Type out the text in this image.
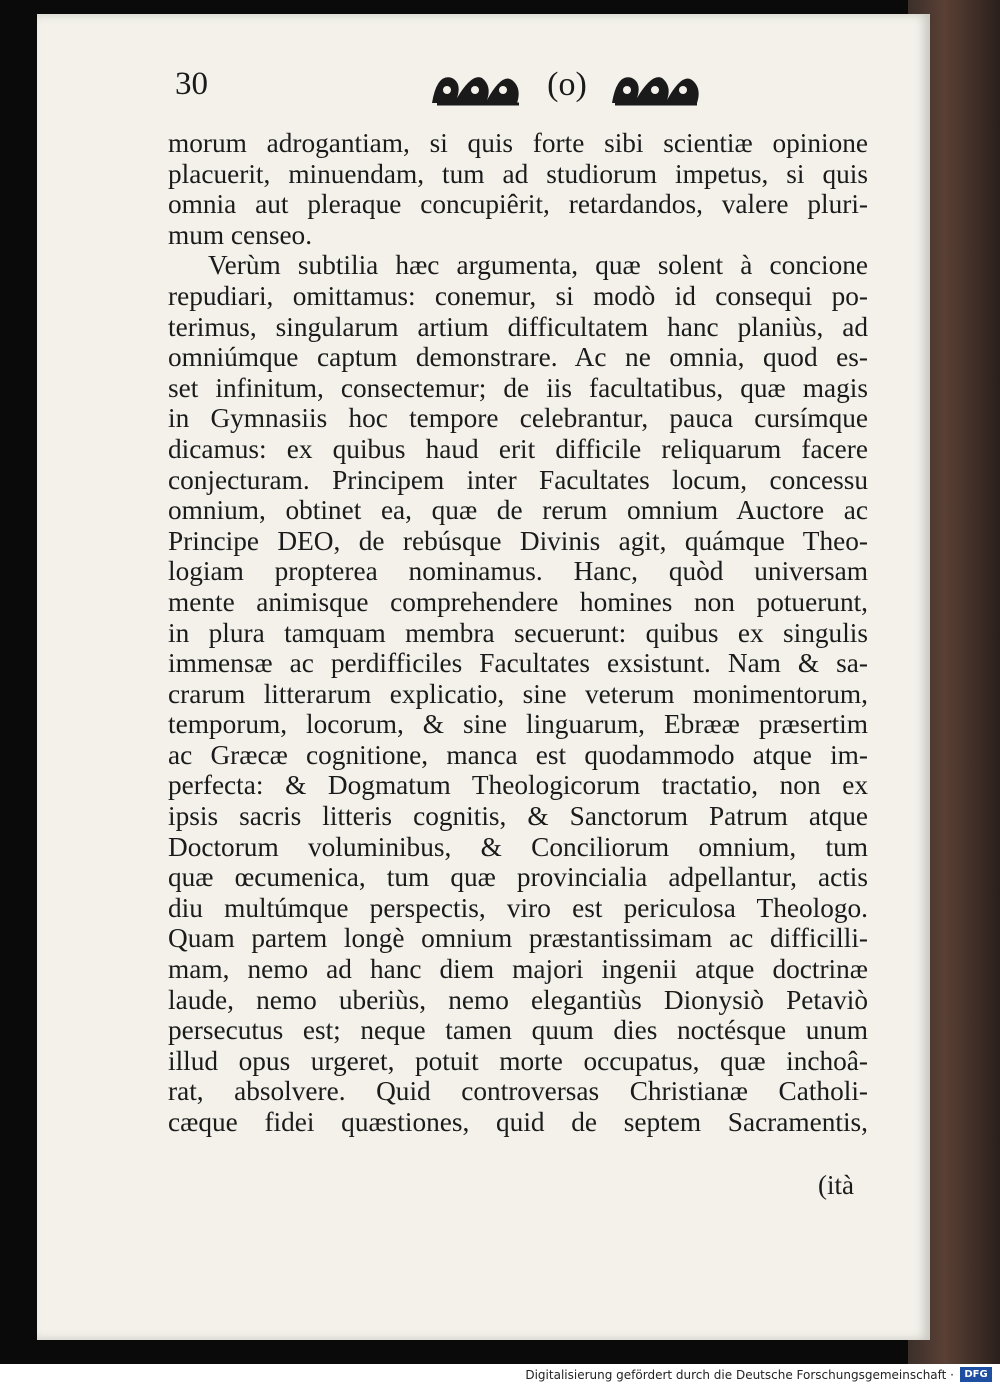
30	(o)
morum adrogantiam, si quis forte sibi scientiæ opinione
placuerit, minuendam, tum ad studiorum impetus, si quis
omnia aut pleraque concupiêrit, retardandos, valere pluri-
mum censeo.
Verùm subtilia hæc argumenta, quæ solent à concione
repudiari, omittamus: conemur, si modò id consequi po-
terimus, singularum artium difficultatem hanc planiùs, ad
omniúmque captum demonstrare. Ac ne omnia, quod es-
set infinitum, consectemur; de iis facultatibus, quæ magis
in Gymnasiis hoc tempore celebrantur, pauca cursímque
dicamus: ex quibus haud erit difficile reliquarum facere
conjecturam. Principem inter Facultates locum, concessu
omnium, obtinet ea, quæ de rerum omnium Auctore ac
Principe DEO, de rebúsque Divinis agit, quámque Theo-
logiam propterea nominamus. Hanc, quòd universam
mente animisque comprehendere homines non potuerunt,
in plura tamquam membra secuerunt: quibus ex singulis
immensæ ac perdifficiles Facultates exsistunt. Nam & sa-
crarum litterarum explicatio, sine veterum monimentorum,
temporum, locorum, & sine linguarum, Ebrææ præsertim
ac Græcæ cognitione, manca est quodammodo atque im-
perfecta: & Dogmatum Theologicorum tractatio, non ex
ipsis sacris litteris cognitis, & Sanctorum Patrum atque
Doctorum voluminibus, & Conciliorum omnium, tum
quæ œcumenica, tum quæ provincialia adpellantur, actis
diu multúmque perspectis, viro est periculosa Theologo.
Quam partem longè omnium præstantissimam ac difficilli-
mam, nemo ad hanc diem majori ingenii atque doctrinæ
laude, nemo uberiùs, nemo elegantiùs Dionysiò Petaviò
persecutus est; neque tamen quum dies noctésque unum
illud opus urgeret, potuit morte occupatus, quæ inchoâ-
rat, absolvere. Quid controversas Christianæ Catholi-
cæque fidei quæstiones, quid de septem Sacramentis,
(ità
Digitalisierung gefördert durch die Deutsche Forschungsgemeinschaft ·	DFG
